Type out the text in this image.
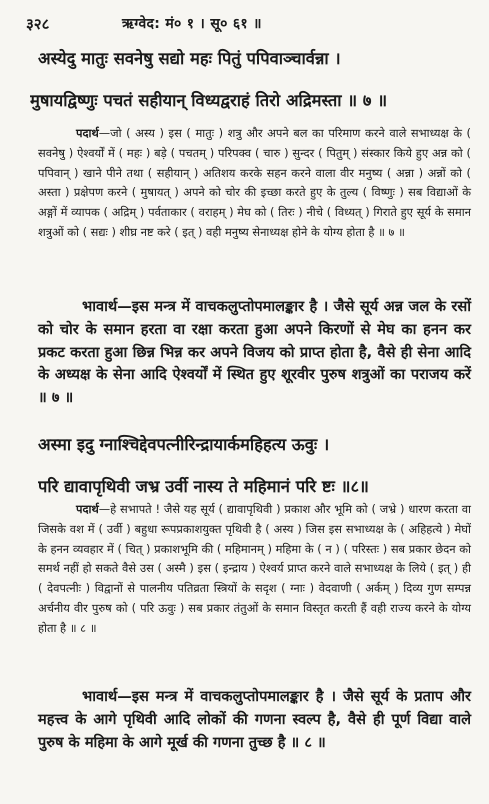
३२८	ऋग्वेद: मं० १ । सू० ६१ ॥
अस्येदु मातुः सवनेषु सद्यो महः पितुं पपिवाञ्चार्वन्ना ।
मुषायद्विष्णुः पचतं सहीयान् विध्यद्वराहं तिरो अद्रिमस्ता ॥ ७ ॥
पदार्थ—जो ( अस्य ) इस ( मातुः ) शत्रु और अपने बल का परिमाण करने वाले सभाध्यक्ष के ( सवनेषु ) ऐश्वर्यों में ( महः ) बड़े ( पचतम् ) परिपक्व ( चारु ) सुन्दर ( पितुम् ) संस्कार किये हुए अन्न को ( पपिवान् ) खाने पीने तथा ( सहीयान् ) अतिशय करके सहन करने वाला वीर मनुष्य ( अन्ना ) अन्नों को ( अस्ता ) प्रक्षेपण करने ( मुषायत् ) अपने को चोर की इच्छा करते हुए के तुल्य ( विष्णुः ) सब विद्याओं के अङ्गों में व्यापक ( अद्रिम् ) पर्वताकार ( वराहम् ) मेघ को ( तिरः ) नीचे ( विध्यत् ) गिराते हुए सूर्य के समान शत्रुओं को ( सद्यः ) शीघ्र नष्ट करे ( इत् ) वही मनुष्य सेनाध्यक्ष होने के योग्य होता है ॥ ७ ॥
भावार्थ—इस मन्त्र में वाचकलुप्तोपमालङ्कार है । जैसे सूर्य अन्न जल के रसों को चोर के समान हरता वा रक्षा करता हुआ अपने किरणों से मेघ का हनन कर प्रकट करता हुआ छिन्न भिन्न कर अपने विजय को प्राप्त होता है, वैसे ही सेना आदि के अध्यक्ष के सेना आदि ऐश्वर्यों में स्थित हुए शूरवीर पुरुष शत्रुओं का पराजय करें ॥ ७ ॥
अस्मा इदु ग्नाश्चिद्देवपत्नीरिन्द्रायार्कमहिहत्य ऊवुः ।
परि द्यावापृथिवी जभ्र उर्वी नास्य ते महिमानं परि ष्टः ॥८॥
पदार्थ—हे सभापते ! जैसे यह सूर्य ( द्यावापृथिवी ) प्रकाश और भूमि को ( जभ्रे ) धारण करता वा जिसके वश में ( उर्वी ) बहुधा रूपप्रकाशयुक्त पृथिवी है ( अस्य ) जिस इस सभाध्यक्ष के ( अहिहत्ये ) मेघों के हनन व्यवहार में ( चित् ) प्रकाशभूमि की ( महिमानम् ) महिमा के ( न ) ( परिस्तः ) सब प्रकार छेदन को समर्थ नहीं हो सकते वैसे उस ( अस्मै ) इस ( इन्द्राय ) ऐश्वर्य प्राप्त करने वाले सभाध्यक्ष के लिये ( इत् ) ही ( देवपत्नीः ) विद्वानों से पालनीय पतिव्रता स्त्रियों के सदृश ( ग्नाः ) वेदवाणी ( अर्कम् ) दिव्य गुण सम्पन्न अर्चनीय वीर पुरुष को ( परि ऊवुः ) सब प्रकार तंतुओं के समान विस्तृत करती हैं वही राज्य करने के योग्य होता है ॥ ८ ॥
भावार्थ—इस मन्त्र में वाचकलुप्तोपमालङ्कार है । जैसे सूर्य के प्रताप और महत्त्व के आगे पृथिवी आदि लोकों की गणना स्वल्प है, वैसे ही पूर्ण विद्या वाले पुरुष के महिमा के आगे मूर्ख की गणना तुच्छ है ॥ ८ ॥
